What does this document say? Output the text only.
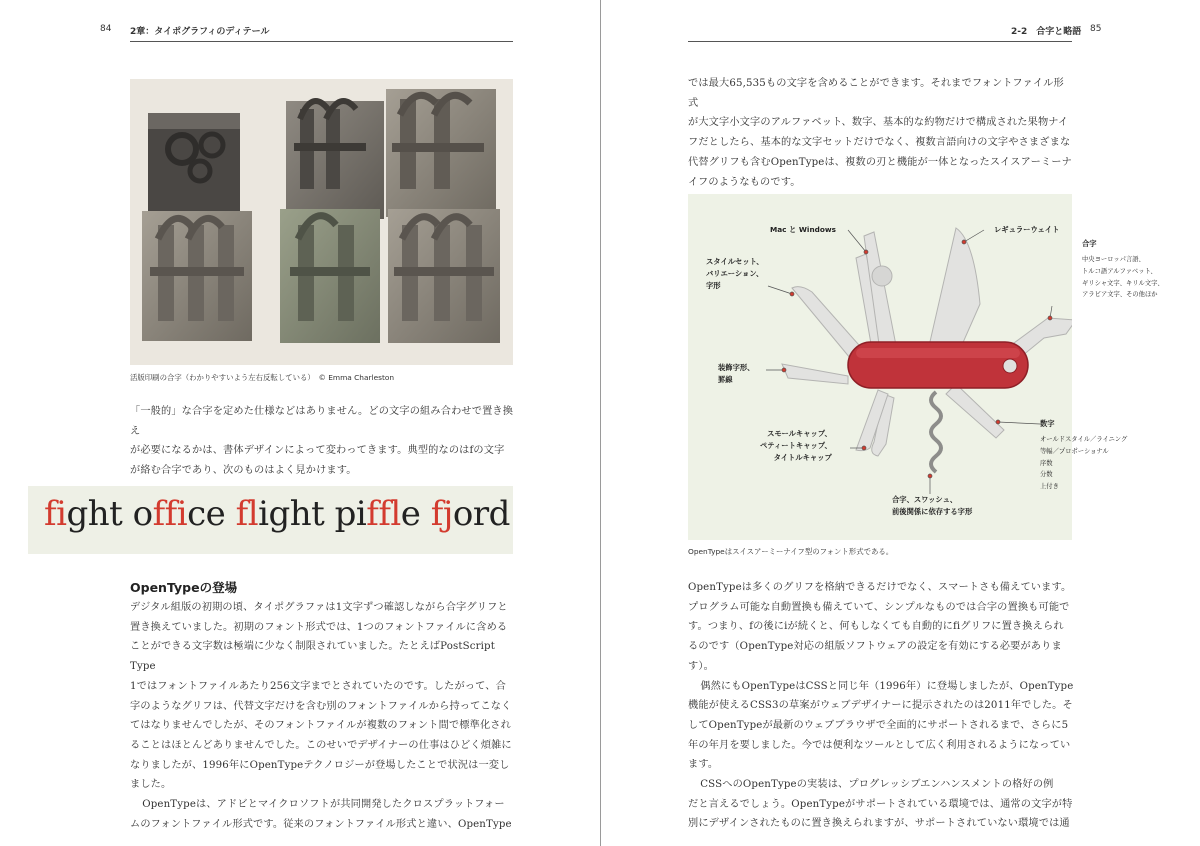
84 2章：タイポグラフィのディテール
活版印刷の合字（わかりやすいよう左右反転している）　© Emma Charleston

「一般的」な合字を定めた仕様などはありません。どの文字の組み合わせで置き換え

が必要になるかは、書体デザインによって変わってきます。典型的なのはfの文字

が絡む合字であり、次のものはよく見かけます。

fight office flight piffle fjord
OpenTypeの登場

デジタル組版の初期の頃、タイポグラファは1文字ずつ確認しながら合字グリフと

置き換えていました。初期のフォント形式では、1つのフォントファイルに含める

ことができる文字数は極端に少なく制限されていました。たとえばPostScript Type

1ではフォントファイルあたり256文字までとされていたのです。したがって、合

字のようなグリフは、代替文字だけを含む別のフォントファイルから持ってこなく

てはなりませんでしたが、そのフォントファイルが複数のフォント間で標準化され

ることはほとんどありませんでした。このせいでデザイナーの仕事はひどく煩雑に

なりましたが、1996年にOpenTypeテクノロジーが登場したことで状況は一変し

ました。

OpenTypeは、アドビとマイクロソフトが共同開発したクロスプラットフォー

ムのフォントファイル形式です。従来のフォントファイル形式と違い、OpenType

2-2　合字と略語 85

では最大65,535もの文字を含めることができます。それまでフォントファイル形式

が大文字小文字のアルファベット、数字、基本的な約物だけで構成された果物ナイ

フだとしたら、基本的な文字セットだけでなく、複数言語向けの文字やさまざまな

代替グリフも含むOpenTypeは、複数の刃と機能が一体となったスイスアーミーナ

イフのようなものです。

Mac と Windows	レギュラーウェイト
合字
中央ヨーロッパ言語、
トルコ語アルファベット、
ギリシャ文字、キリル文字、
アラビア文字、その他ほか
スタイルセット、
バリエーション、
字形
装飾字形、
罫線
数字
オールドスタイル／ライニング
等幅／プロポーショナル
序数
分数
上付き
スモールキャップ、
ペティートキャップ、
タイトルキャップ
合字、スワッシュ、
前後関係に依存する字形
OpenTypeはスイスアーミーナイフ型のフォント形式である。

OpenTypeは多くのグリフを格納できるだけでなく、スマートさも備えています。

プログラム可能な自動置換も備えていて、シンプルなものでは合字の置換も可能で

す。つまり、fの後にiが続くと、何もしなくても自動的にfiグリフに置き換えられ

るのです（OpenType対応の組版ソフトウェアの設定を有効にする必要があります）。

偶然にもOpenTypeはCSSと同じ年（1996年）に登場しましたが、OpenType

機能が使えるCSS3の草案がウェブデザイナーに提示されたのは2011年でした。そ

してOpenTypeが最新のウェブブラウザで全面的にサポートされるまで、さらに5

年の年月を要しました。今では便利なツールとして広く利用されるようになってい

ます。

CSSへのOpenTypeの実装は、プログレッシブエンハンスメントの格好の例

だと言えるでしょう。OpenTypeがサポートされている環境では、通常の文字が特

別にデザインされたものに置き換えられますが、サポートされていない環境では通
